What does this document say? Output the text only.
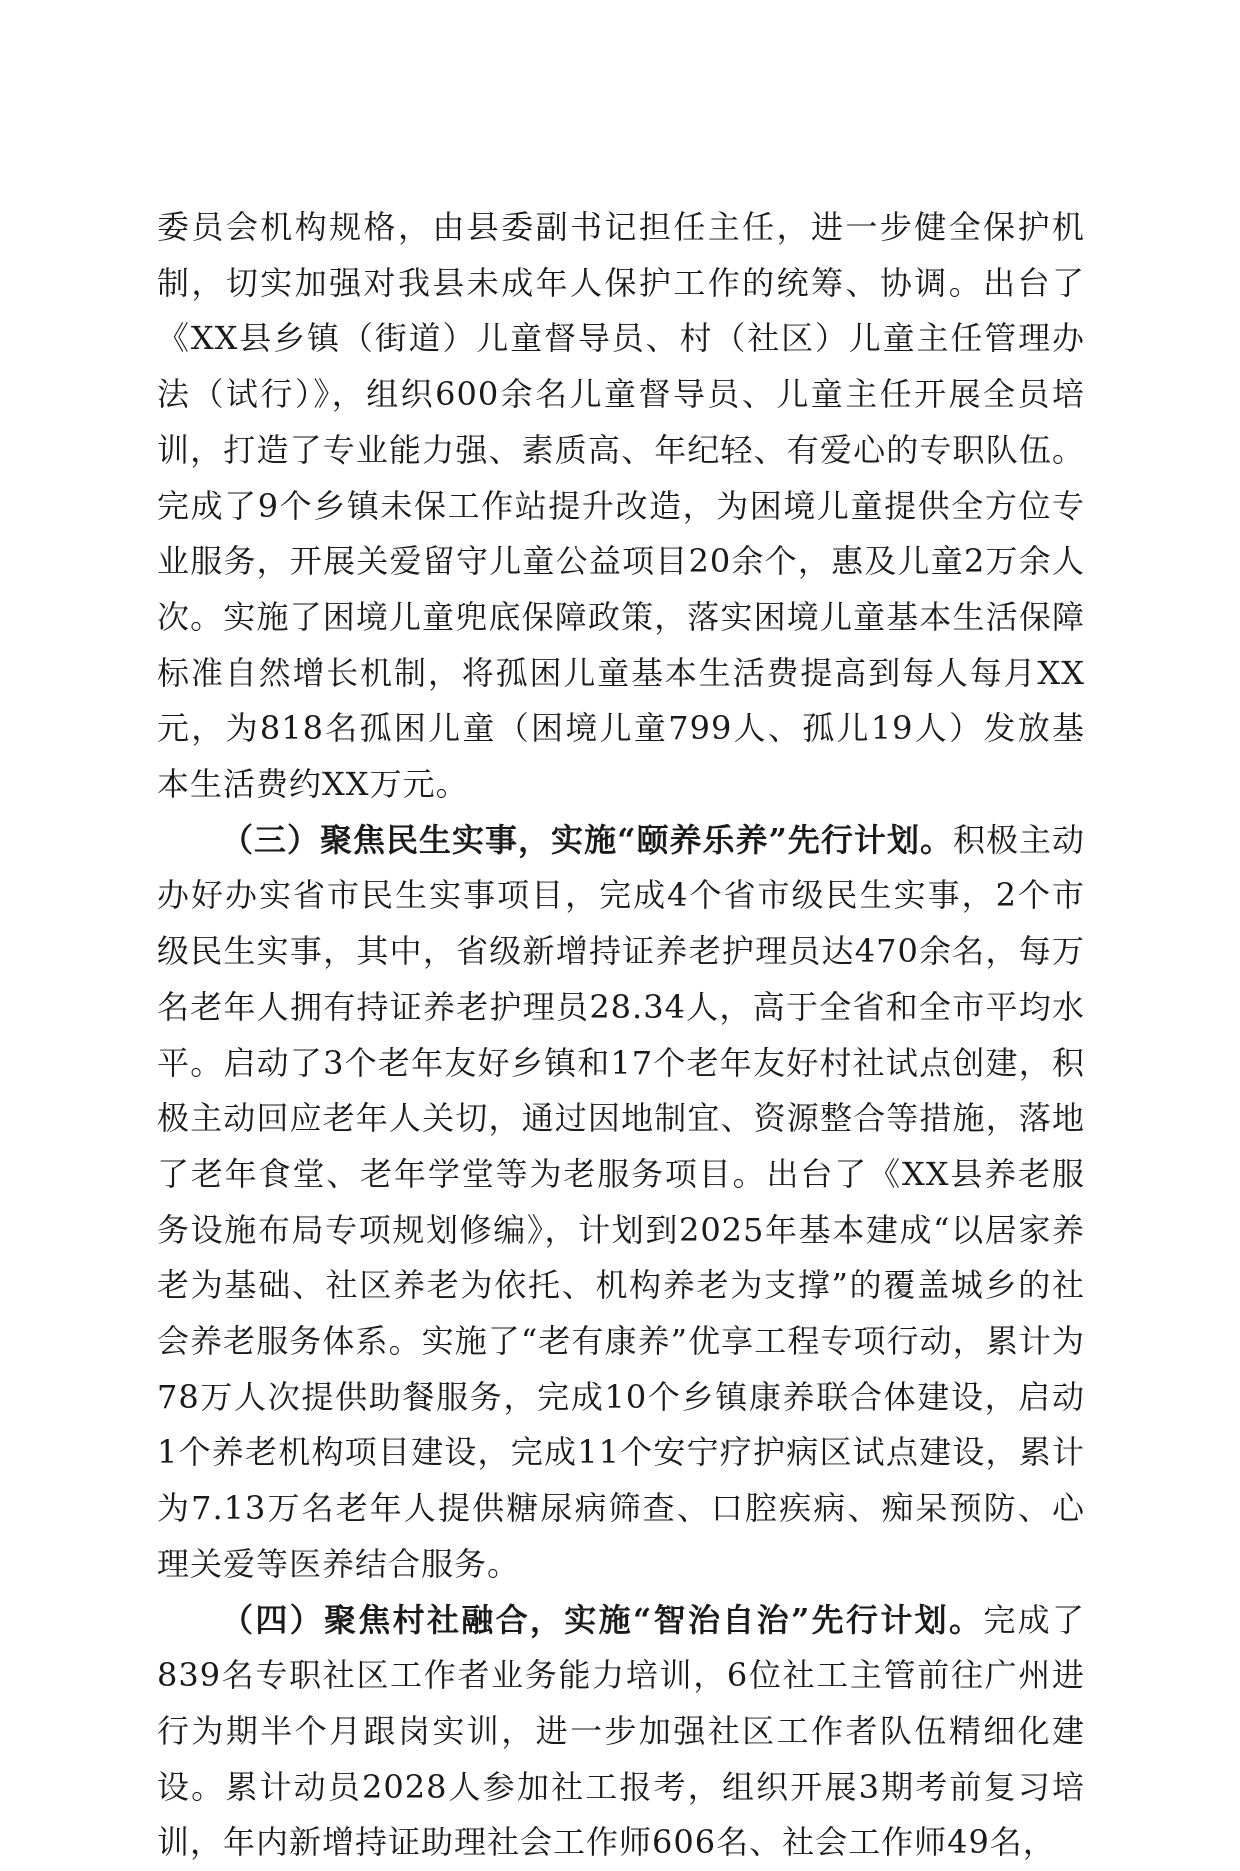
委员会机构规格，由县委副书记担任主任，进一步健全保护机制，切实加强对我县未成年人保护工作的统筹、协调。出台了《XX县乡镇（街道）儿童督导员、村（社区）儿童主任管理办法（试行）》，组织600余名儿童督导员、儿童主任开展全员培训，打造了专业能力强、素质高、年纪轻、有爱心的专职队伍。完成了9个乡镇未保工作站提升改造，为困境儿童提供全方位专业服务，开展关爱留守儿童公益项目20余个，惠及儿童2万余人次。实施了困境儿童兜底保障政策，落实困境儿童基本生活保障标准自然增长机制，将孤困儿童基本生活费提高到每人每月XX元，为818名孤困儿童（困境儿童799人、孤儿19人）发放基本生活费约XX万元。

（三）聚焦民生实事，实施“颐养乐养”先行计划。积极主动办好办实省市民生实事项目，完成4个省市级民生实事，2个市级民生实事，其中，省级新增持证养老护理员达470余名，每万名老年人拥有持证养老护理员28.34人，高于全省和全市平均水平。启动了3个老年友好乡镇和17个老年友好村社试点创建，积极主动回应老年人关切，通过因地制宜、资源整合等措施，落地了老年食堂、老年学堂等为老服务项目。出台了《XX县养老服务设施布局专项规划修编》，计划到2025年基本建成“以居家养老为基础、社区养老为依托、机构养老为支撑”的覆盖城乡的社会养老服务体系。实施了“老有康养”优享工程专项行动，累计为78万人次提供助餐服务，完成10个乡镇康养联合体建设，启动1个养老机构项目建设，完成11个安宁疗护病区试点建设，累计为7.13万名老年人提供糖尿病筛查、口腔疾病、痴呆预防、心理关爱等医养结合服务。

（四）聚焦村社融合，实施“智治自治”先行计划。完成了839名专职社区工作者业务能力培训，6位社工主管前往广州进行为期半个月跟岗实训，进一步加强社区工作者队伍精细化建设。累计动员2028人参加社工报考，组织开展3期考前复习培训，年内新增持证助理社会工作师606名、社会工作师49名，
